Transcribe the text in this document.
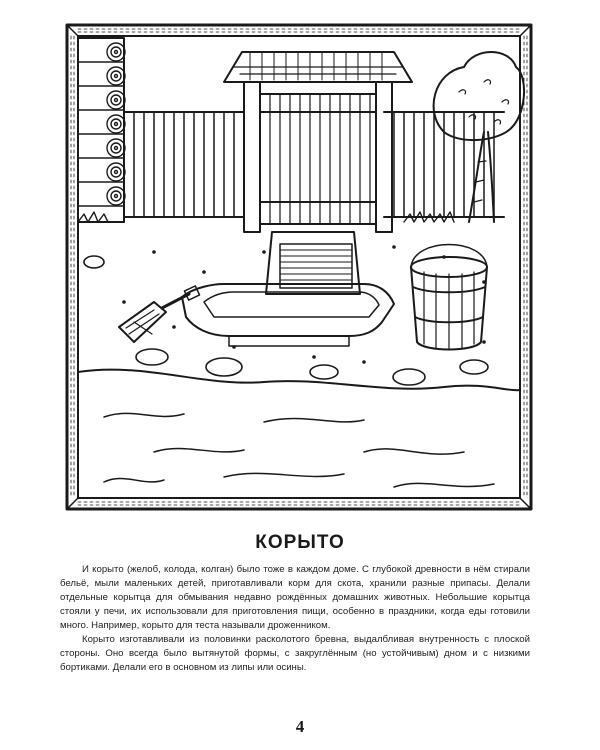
КОРЫТО

И корыто (желоб, колода, колган) было тоже в каждом доме. С глубокой древности в нём стирали бельё, мыли маленьких детей, приготавливали корм для скота, хранили разные припасы. Делали отдельные корытца для обмывания недавно рождённых домашних животных. Небольшие корытца стояли у печи, их использовали для приготовления пищи, особенно в праздники, когда еды готовили много. Например, корыто для теста называли дроженником.

Корыто изготавливали из половинки расколотого бревна, выдалбливая внутренность с плоской стороны. Оно всегда было вытянутой формы, с закруглённым (но устойчивым) дном и с низкими бортиками. Делали его в основном из липы или осины.

4
